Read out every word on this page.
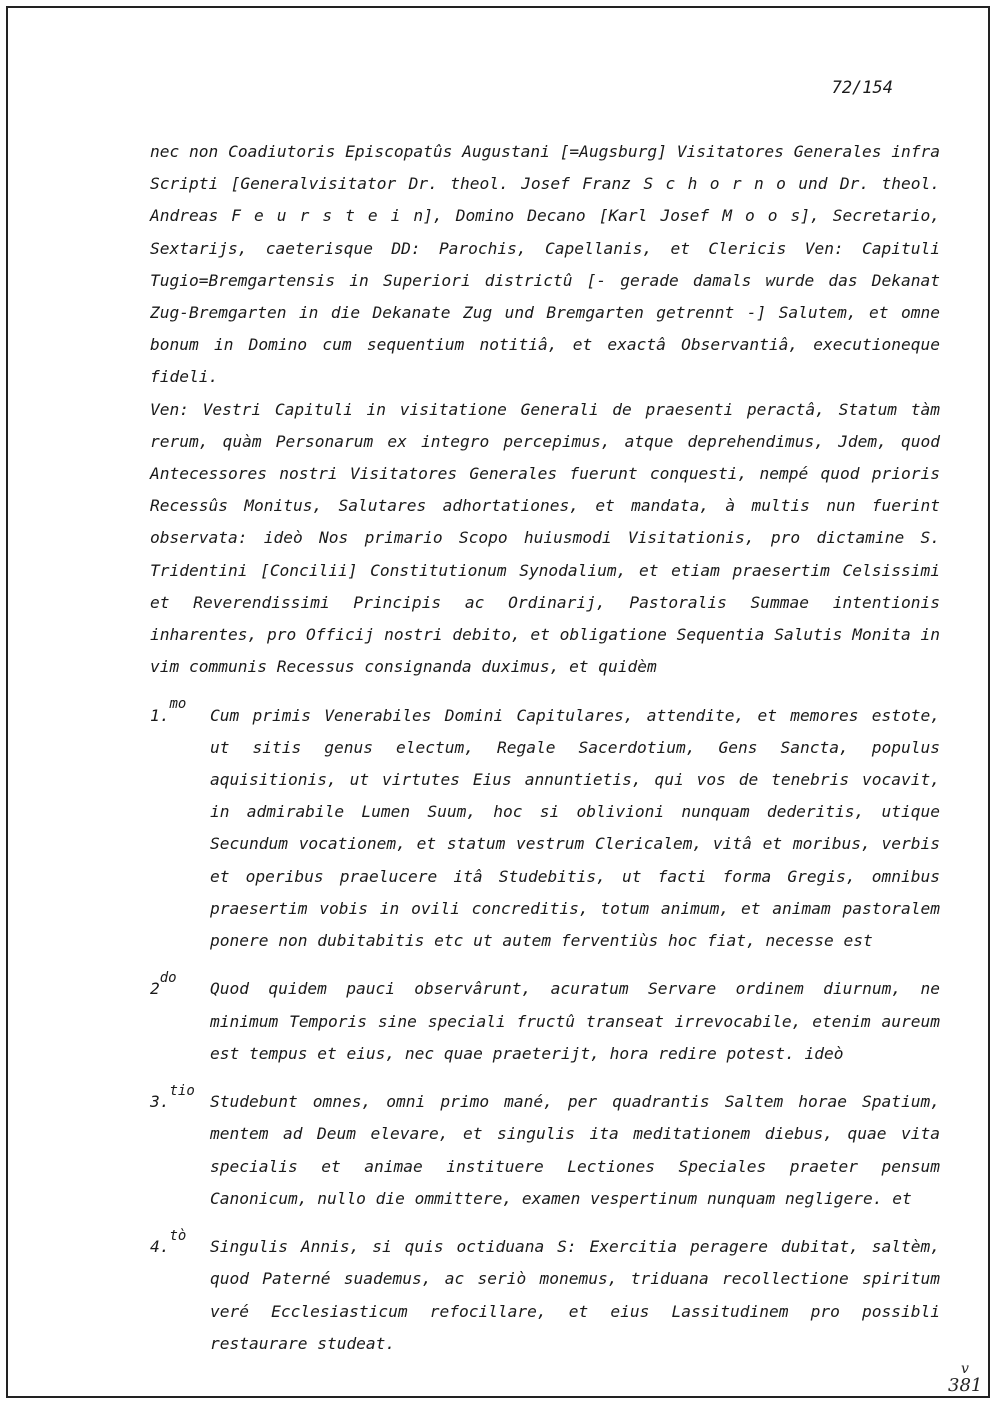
72/154

nec non Coadiutoris Episcopatûs Augustani [=Augsburg] Visitatores Generales infra Scripti [Generalvisitator Dr. theol. Josef Franz S c h o r n o und Dr. theol. Andreas F e u r s t e i n], Domino Decano [Karl Josef M o o s], Secretario, Sextarijs, caeterisque DD: Parochis, Capellanis, et Clericis Ven: Capituli Tugio=Bremgartensis in Superiori districtû [- gerade damals wurde das Dekanat Zug-Bremgarten in die Dekanate Zug und Bremgarten getrennt -] Salutem, et omne bonum in Domino cum sequentium notitiâ, et exactâ Observantiâ, executioneque fideli.

Ven: Vestri Capituli in visitatione Generali de praesenti peractâ, Statum tàm rerum, quàm Personarum ex integro percepimus, atque deprehendimus, Jdem, quod Antecessores nostri Visitatores Generales fuerunt conquesti, nempé quod prioris Recessûs Monitus, Salutares adhortationes, et mandata, à multis nun fuerint observata: ideò Nos primario Scopo huiusmodi Visitationis, pro dictamine S. Tridentini [Concilii] Constitutionum Synodalium, et etiam praesertim Celsissimi et Reverendissimi Principis ac Ordinarij, Pastoralis Summae intentionis inharentes, pro Officij nostri debito, et obligatione Sequentia Salutis Monita in vim communis Recessus consignanda duximus, et quidèm

1.$^{mo}$

Cum primis Venerabiles Domini Capitulares, attendite, et memores estote, ut sitis genus electum, Regale Sacerdotium, Gens Sancta, populus aquisitionis, ut virtutes Eius annuntietis, qui vos de tenebris vocavit, in admirabile Lumen Suum, hoc si oblivioni nunquam dederitis, utique Secundum vocationem, et statum vestrum Clericalem, vitâ et moribus, verbis et operibus praelucere itâ Studebitis, ut facti forma Gregis, omnibus praesertim vobis in ovili concreditis, totum animum, et animam pastoralem ponere non dubitabitis etc ut autem ferventiùs hoc fiat, necesse est

$2^{do}$

Quod quidem pauci observârunt, acuratum Servare ordinem diurnum, ne minimum Temporis sine speciali fructû transeat irrevocabile, etenim aureum est tempus et eius, nec quae praeterijt, hora redire potest. ideò

3.$^{tio}$

Studebunt omnes, omni primo mané, per quadrantis Saltem horae Spatium, mentem ad Deum elevare, et singulis ita meditationem diebus, quae vita specialis et animae instituere Lectiones Speciales praeter pensum Canonicum, nullo die ommittere, examen vespertinum nunquam negligere. et

4.$^{tò}$

Singulis Annis, si quis octiduana S: Exercitia peragere dubitat, saltèm, quod Paterné suademus, ac seriò monemus, triduana recollectione spiritum veré Ecclesiasticum refocillare, et eius Lassitudinem pro possibli restaurare studeat.

v
381
